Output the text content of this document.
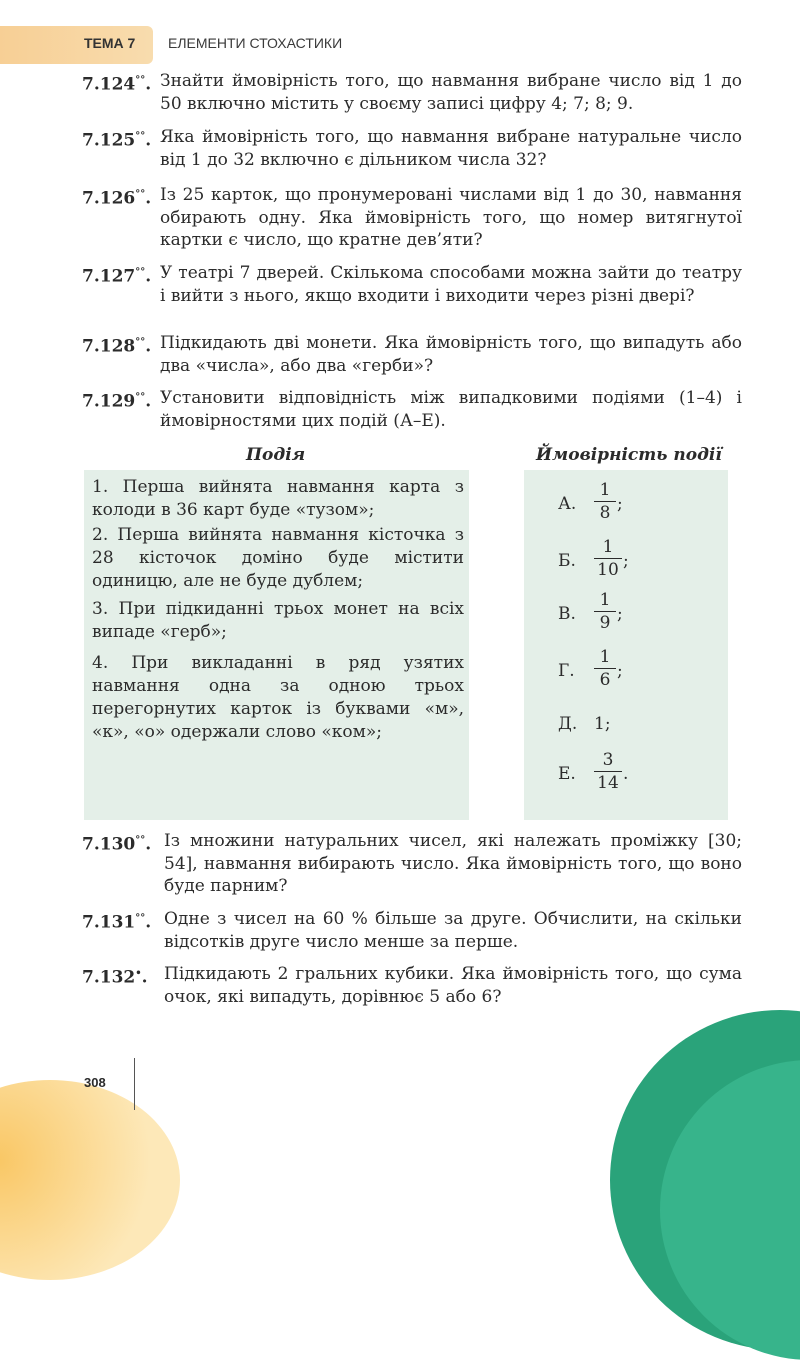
ТЕМА 7 ЕЛЕМЕНТИ СТОХАСТИКИ
7.124°°. Знайти ймовірність того, що навмання вибране число від 1 до 50 включно містить у своєму записі цифру 4; 7; 8; 9.
7.125°°. Яка ймовірність того, що навмання вибране натуральне число від 1 до 32 включно є дільником числа 32?
7.126°°. Із 25 карток, що пронумеровані числами від 1 до 30, навмання обирають одну. Яка ймовірність того, що номер витягнутої картки є число, що кратне дев’яти?
7.127°°. У театрі 7 дверей. Скількома способами можна зайти до театру і вийти з нього, якщо входити і виходити через різні двері?
7.128°°. Підкидають дві монети. Яка ймовірність того, що випадуть або два «числа», або два «герби»?
7.129°°. Установити відповідність між випадковими подіями (1–4) і ймовірностями цих подій (А–Е).
Подія	Ймовірність події
1. Перша вийнята навмання карта з колоди в 36 карт буде «тузом»;
2. Перша вийнята навмання кісточка з 28 кісточок доміно буде містити одиницю, але не буде дублем;
3. При підкиданні трьох монет на всіх випаде «герб»;
4. При викладанні в ряд узятих навмання одна за одною трьох перегорнутих карток із буквами «м», «к», «о» одержали слово «ком»;
А.
1
8 ;
Б.
1
10 ;
В.
1
9 ;
Г.
1
6 ;
Д. 1;
Е.
3
14 .
7.130°°. Із множини натуральних чисел, які належать проміжку [30; 54], навмання вибирають число. Яка ймовірність того, що воно буде парним?
7.131°°. Одне з чисел на 60 % більше за друге. Обчислити, на скільки відсотків друге число менше за перше.
7.132•. Підкидають 2 гральних кубики. Яка ймовірність того, що сума очок, які випадуть, дорівнює 5 або 6?
308
